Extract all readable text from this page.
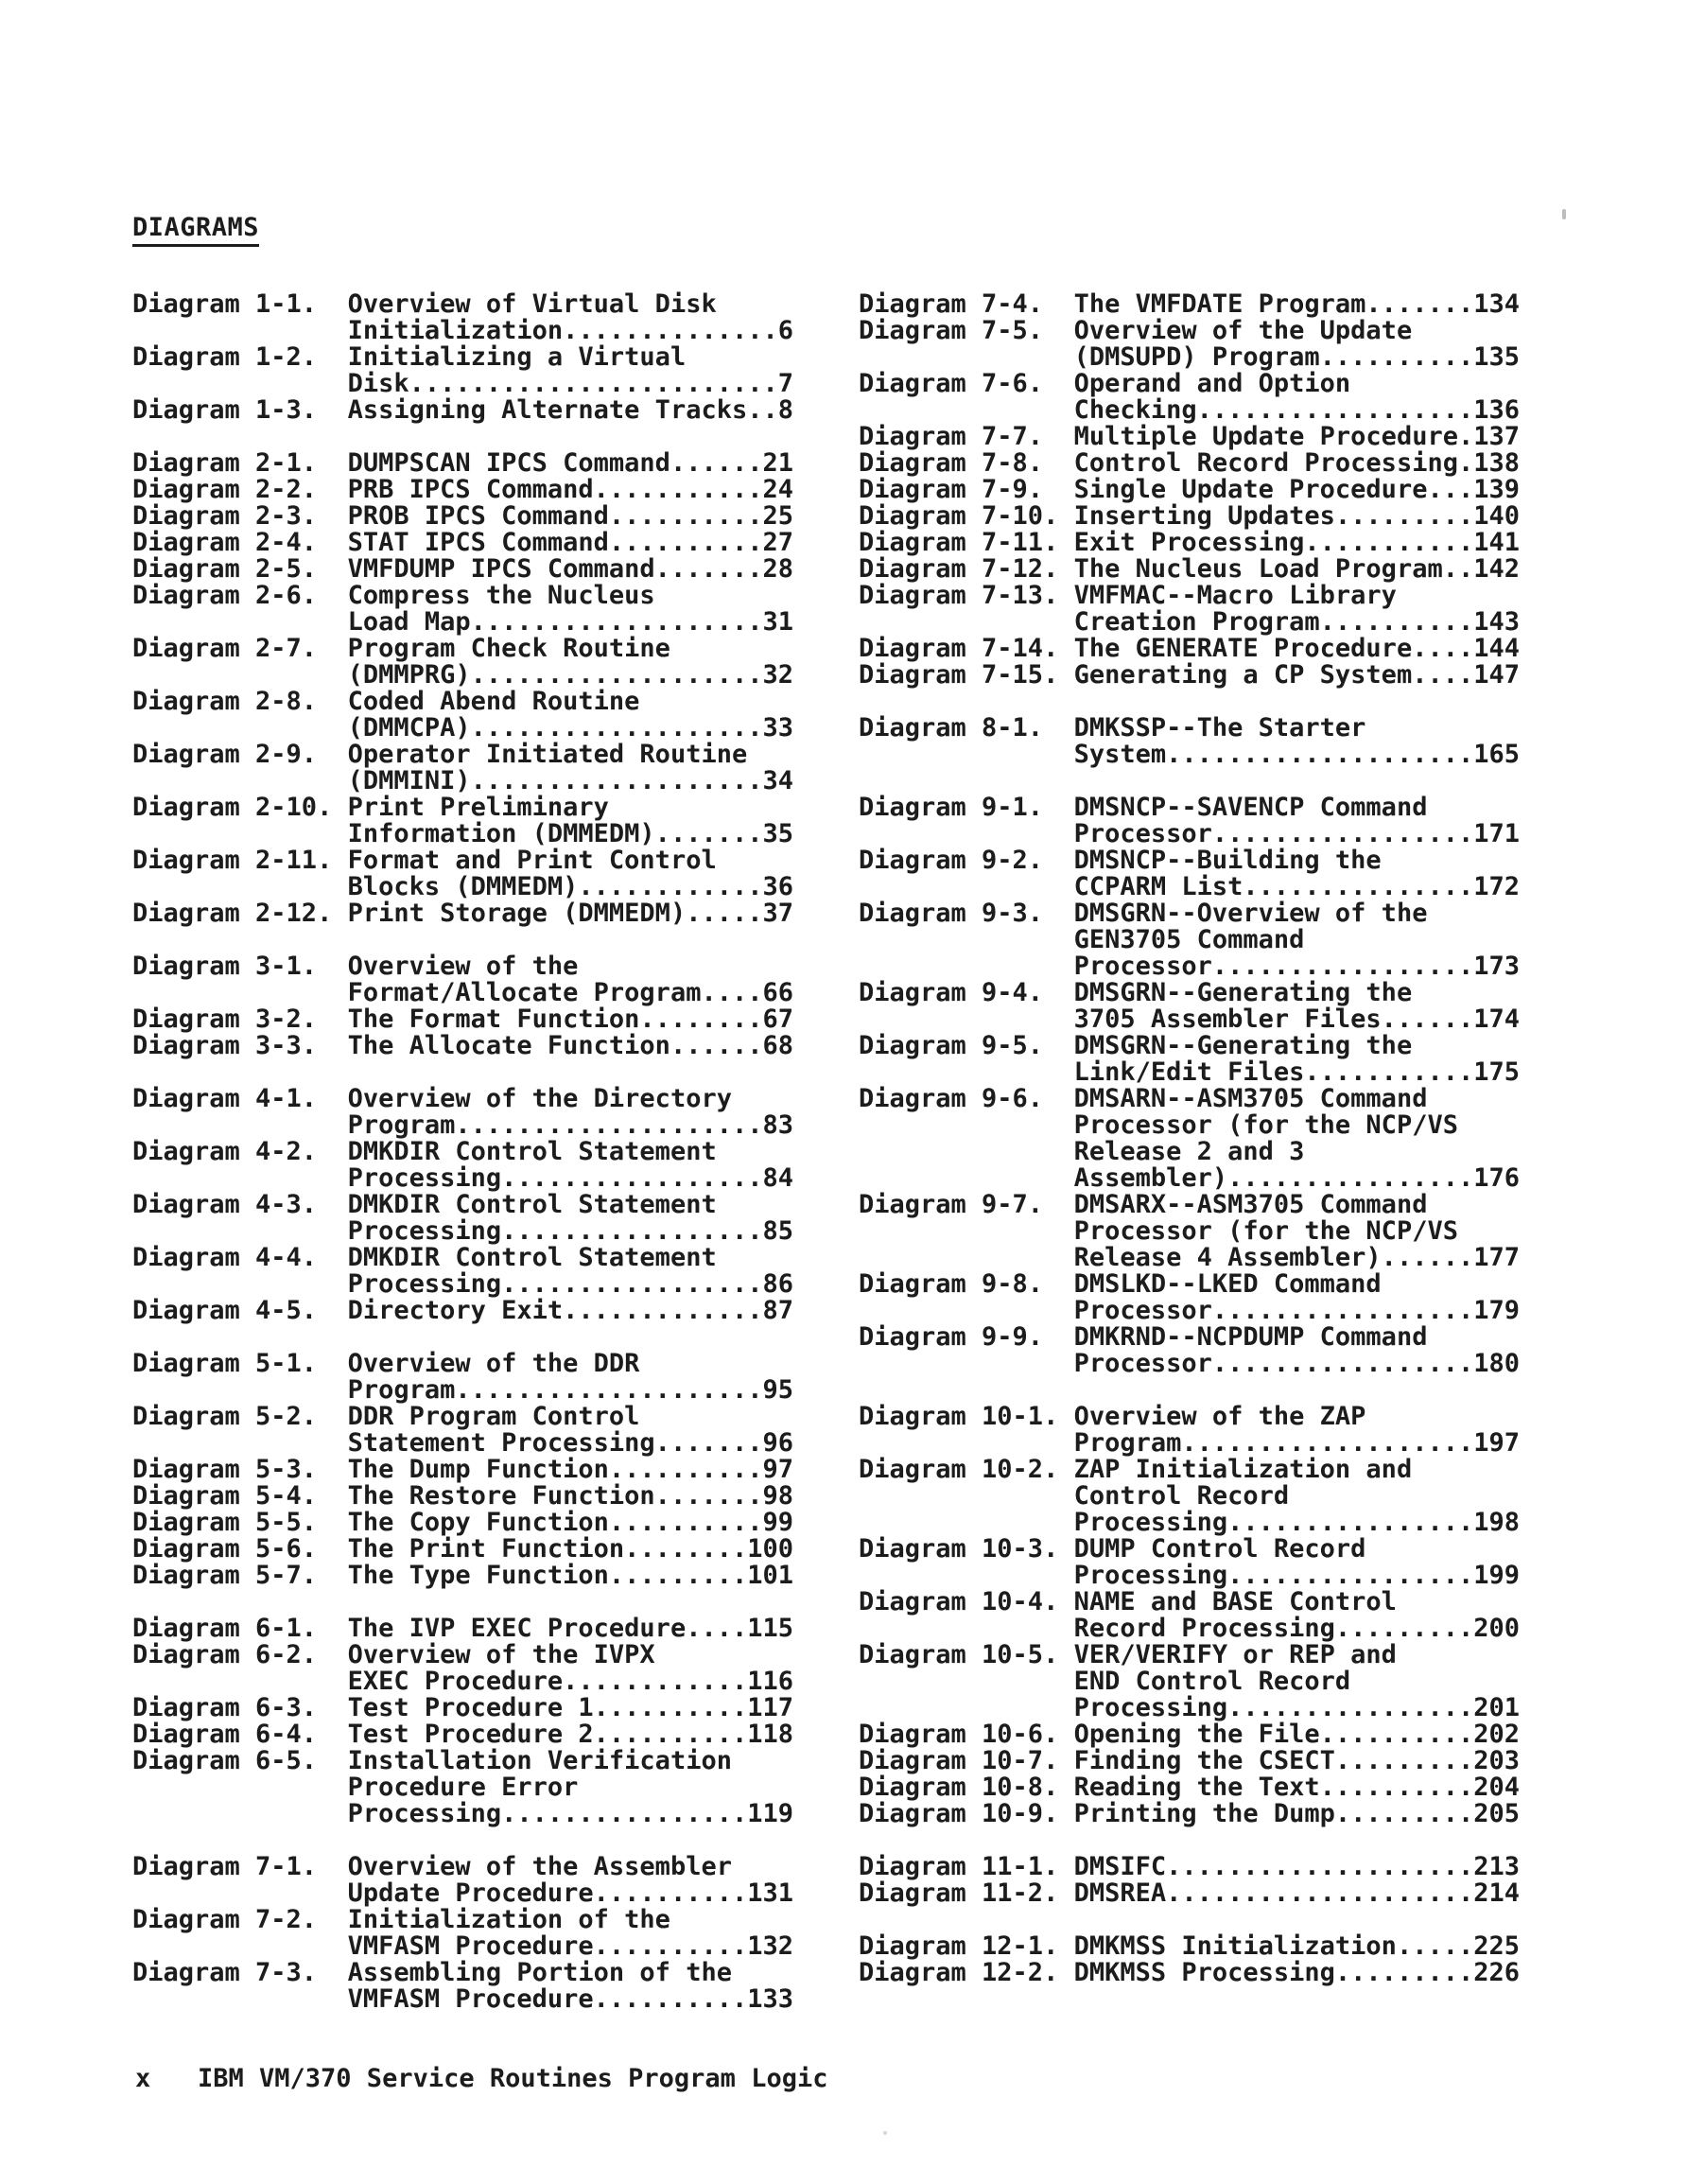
DIAGRAMS
Diagram 1-1.  Overview of Virtual Disk
Initialization..............6
Diagram 1-2.  Initializing a Virtual
Disk........................7
Diagram 1-3.  Assigning Alternate Tracks..8

Diagram 2-1.  DUMPSCAN IPCS Command......21
Diagram 2-2.  PRB IPCS Command...........24
Diagram 2-3.  PROB IPCS Command..........25
Diagram 2-4.  STAT IPCS Command..........27
Diagram 2-5.  VMFDUMP IPCS Command.......28
Diagram 2-6.  Compress the Nucleus
Load Map...................31
Diagram 2-7.  Program Check Routine
(DMMPRG)...................32
Diagram 2-8.  Coded Abend Routine
(DMMCPA)...................33
Diagram 2-9.  Operator Initiated Routine
(DMMINI)...................34
Diagram 2-10. Print Preliminary
Information (DMMEDM).......35
Diagram 2-11. Format and Print Control
Blocks (DMMEDM)............36
Diagram 2-12. Print Storage (DMMEDM).....37

Diagram 3-1.  Overview of the
Format/Allocate Program....66
Diagram 3-2.  The Format Function........67
Diagram 3-3.  The Allocate Function......68

Diagram 4-1.  Overview of the Directory
Program....................83
Diagram 4-2.  DMKDIR Control Statement
Processing.................84
Diagram 4-3.  DMKDIR Control Statement
Processing.................85
Diagram 4-4.  DMKDIR Control Statement
Processing.................86
Diagram 4-5.  Directory Exit.............87

Diagram 5-1.  Overview of the DDR
Program....................95
Diagram 5-2.  DDR Program Control
Statement Processing.......96
Diagram 5-3.  The Dump Function..........97
Diagram 5-4.  The Restore Function.......98
Diagram 5-5.  The Copy Function..........99
Diagram 5-6.  The Print Function........100
Diagram 5-7.  The Type Function.........101

Diagram 6-1.  The IVP EXEC Procedure....115
Diagram 6-2.  Overview of the IVPX
EXEC Procedure............116
Diagram 6-3.  Test Procedure 1..........117
Diagram 6-4.  Test Procedure 2..........118
Diagram 6-5.  Installation Verification
Procedure Error
Processing................119

Diagram 7-1.  Overview of the Assembler
Update Procedure..........131
Diagram 7-2.  Initialization of the
VMFASM Procedure..........132
Diagram 7-3.  Assembling Portion of the
VMFASM Procedure..........133
Diagram 7-4.  The VMFDATE Program.......134
Diagram 7-5.  Overview of the Update
(DMSUPD) Program..........135
Diagram 7-6.  Operand and Option
Checking..................136
Diagram 7-7.  Multiple Update Procedure.137
Diagram 7-8.  Control Record Processing.138
Diagram 7-9.  Single Update Procedure...139
Diagram 7-10. Inserting Updates.........140
Diagram 7-11. Exit Processing...........141
Diagram 7-12. The Nucleus Load Program..142
Diagram 7-13. VMFMAC--Macro Library
Creation Program..........143
Diagram 7-14. The GENERATE Procedure....144
Diagram 7-15. Generating a CP System....147

Diagram 8-1.  DMKSSP--The Starter
System....................165

Diagram 9-1.  DMSNCP--SAVENCP Command
Processor.................171
Diagram 9-2.  DMSNCP--Building the
CCPARM List...............172
Diagram 9-3.  DMSGRN--Overview of the
GEN3705 Command
Processor.................173
Diagram 9-4.  DMSGRN--Generating the
3705 Assembler Files......174
Diagram 9-5.  DMSGRN--Generating the
Link/Edit Files...........175
Diagram 9-6.  DMSARN--ASM3705 Command
Processor (for the NCP/VS
Release 2 and 3
Assembler)................176
Diagram 9-7.  DMSARX--ASM3705 Command
Processor (for the NCP/VS
Release 4 Assembler)......177
Diagram 9-8.  DMSLKD--LKED Command
Processor.................179
Diagram 9-9.  DMKRND--NCPDUMP Command
Processor.................180

Diagram 10-1. Overview of the ZAP
Program...................197
Diagram 10-2. ZAP Initialization and
Control Record
Processing................198
Diagram 10-3. DUMP Control Record
Processing................199
Diagram 10-4. NAME and BASE Control
Record Processing.........200
Diagram 10-5. VER/VERIFY or REP and
END Control Record
Processing................201
Diagram 10-6. Opening the File..........202
Diagram 10-7. Finding the CSECT.........203
Diagram 10-8. Reading the Text..........204
Diagram 10-9. Printing the Dump.........205

Diagram 11-1. DMSIFC....................213
Diagram 11-2. DMSREA....................214

Diagram 12-1. DMKMSS Initialization.....225
Diagram 12-2. DMKMSS Processing.........226

x

IBM VM/370 Service Routines Program Logic
